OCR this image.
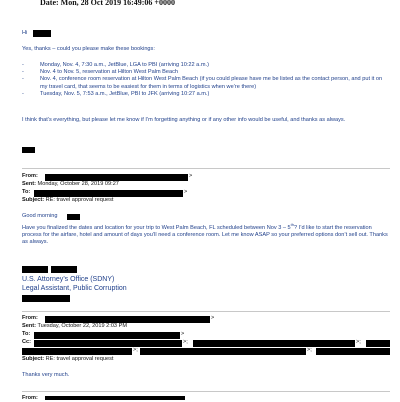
Date: Mon, 28 Oct 2019 16:49:06 +0000
Hi
Yes, thanks – could you please make these bookings:
- Monday, Nov. 4, 7:30 a.m., JetBlue, LGA to PBI (arriving 10:22 a.m.)
- Nov. 4 to Nov. 5, reservation at Hilton West Palm Beach
- Nov. 4, conference room reservation at Hilton West Palm Beach (if you could please have me be listed as the contact person, and put it on my travel card, that seems to be easiest for them in terms of logistics when we’re there)
- Tuesday, Nov. 5, 7:53 a.m., JetBlue, PBI to JFK (arriving 10:27 a.m.)
I think that’s everything, but please let me know if I’m forgetting anything or if any other info would be useful, and thanks as always.
From:	>
Sent: Monday, October 28, 2019 09:27
To:	>
Subject: RE: travel approval request
Good morning
Have you finalized the dates and location for your trip to West Palm Beach, FL scheduled between Nov 3 – 5th? I’d like to start the reservation process for the airfare, hotel and amount of days you’ll need a conference room. Let me know ASAP so your preferred options don’t sell out. Thanks as always.
U.S. Attorney’s Office (SDNY)
Legal Assistant, Public Corruption
From:	>
Sent: Tuesday, October 22, 2019 2:03 PM
To:	>
Cc:	>;	>;
>;	>;
Subject: RE: travel approval request
Thanks very much.
From:
